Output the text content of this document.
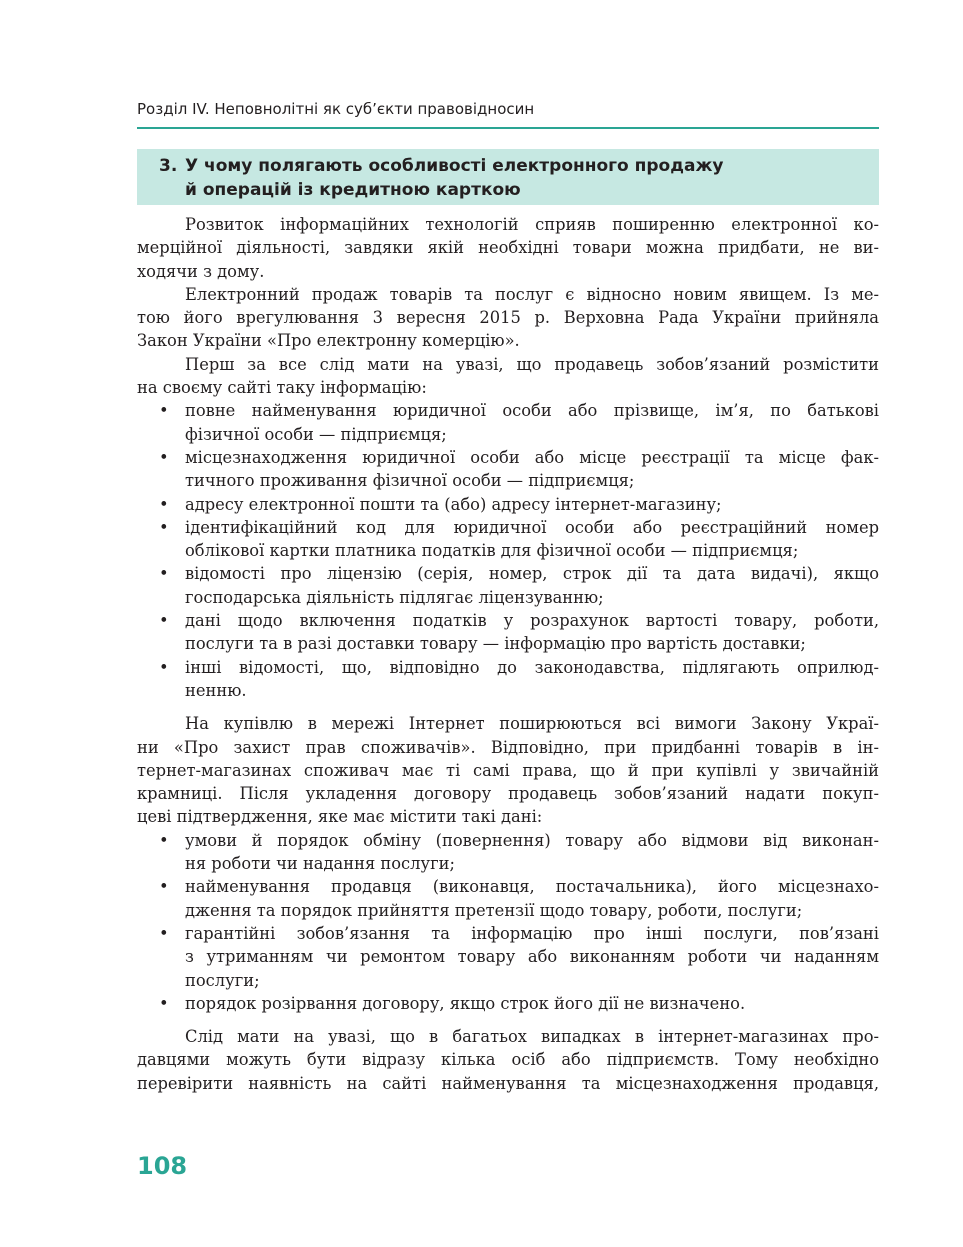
Розділ IV. Неповнолітні як суб’єкти правовідносин
3. У чому полягають особливості електронного продажу
й операцій із кредитною карткою
Розвиток інформаційних технологій сприяв поширенню електронної ко-
мерційної діяльності, завдяки якій необхідні товари можна придбати, не ви-
ходячи з дому.
Електронний продаж товарів та послуг є відносно новим явищем. Із ме-
тою його врегулювання 3 вересня 2015 р. Верховна Рада України прийняла
Закон України «Про електронну комерцію».
Перш за все слід мати на увазі, що продавець зобов’язаний розмістити
на своєму сайті таку інформацію:
• повне найменування юридичної особи або прізвище, ім’я, по батькові
фізичної особи — підприємця;
• місцезнаходження юридичної особи або місце реєстрації та місце фак-
тичного проживання фізичної особи — підприємця;
• адресу електронної пошти та (або) адресу інтернет-магазину;
• ідентифікаційний код для юридичної особи або реєстраційний номер
облікової картки платника податків для фізичної особи — підприємця;
• відомості про ліцензію (серія, номер, строк дії та дата видачі), якщо
господарська діяльність підлягає ліцензуванню;
• дані щодо включення податків у розрахунок вартості товару, роботи,
послуги та в разі доставки товару — інформацію про вартість доставки;
• інші відомості, що, відповідно до законодавства, підлягають оприлюд-
ненню.
На купівлю в мережі Інтернет поширюються всі вимоги Закону Украї-
ни «Про захист прав споживачів». Відповідно, при придбанні товарів в ін-
тернет-магазинах споживач має ті самі права, що й при купівлі у звичайній
крамниці. Після укладення договору продавець зобов’язаний надати покуп-
цеві підтвердження, яке має містити такі дані:
• умови й порядок обміну (повернення) товару або відмови від виконан-
ня роботи чи надання послуги;
• найменування продавця (виконавця, постачальника), його місцезнахо-
дження та порядок прийняття претензії щодо товару, роботи, послуги;
• гарантійні зобов’язання та інформацію про інші послуги, пов’язані
з утриманням чи ремонтом товару або виконанням роботи чи наданням
послуги;
• порядок розірвання договору, якщо строк його дії не визначено.
Слід мати на увазі, що в багатьох випадках в інтернет-магазинах про-
давцями можуть бути відразу кілька осіб або підприємств. Тому необхідно
перевірити наявність на сайті найменування та місцезнаходження продавця,
108
